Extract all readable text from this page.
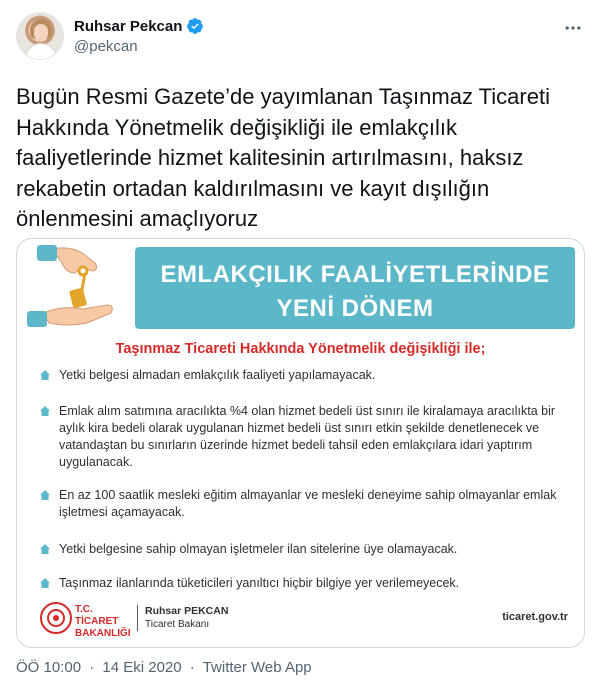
Ruhsar Pekcan
@pekcan
Bugün Resmi Gazete’de yayımlanan Taşınmaz Ticareti Hakkında Yönetmelik değişikliği ile emlakçılık faaliyetlerinde hizmet kalitesinin artırılmasını, haksız rekabetin ortadan kaldırılmasını ve kayıt dışılığın önlenmesini amaçlıyoruz
EMLAKÇILIK FAALİYETLERİNDE
YENİ DÖNEM
Taşınmaz Ticareti Hakkında Yönetmelik değişikliği ile;
Yetki belgesi almadan emlakçılık faaliyeti yapılamayacak.
Emlak alım satımına aracılıkta %4 olan hizmet bedeli üst sınırı ile kiralamaya aracılıkta bir aylık kira bedeli olarak uygulanan hizmet bedeli üst sınırı etkin şekilde denetlenecek ve vatandaştan bu sınırların üzerinde hizmet bedeli tahsil eden emlakçılara idari yaptırım uygulanacak.
En az 100 saatlik mesleki eğitim almayanlar ve mesleki deneyime sahip olmayanlar emlak işletmesi açamayacak.
Yetki belgesine sahip olmayan işletmeler ilan sitelerine üye olamayacak.
Taşınmaz ilanlarında tüketicileri yanıltıcı hiçbir bilgiye yer verilemeyecek.
T.C. TİCARET
BAKANLIĞI
Ruhsar PEKCAN
Ticaret Bakanı
ticaret.gov.tr
ÖÖ 10:00 · 14 Eki 2020 · Twitter Web App
